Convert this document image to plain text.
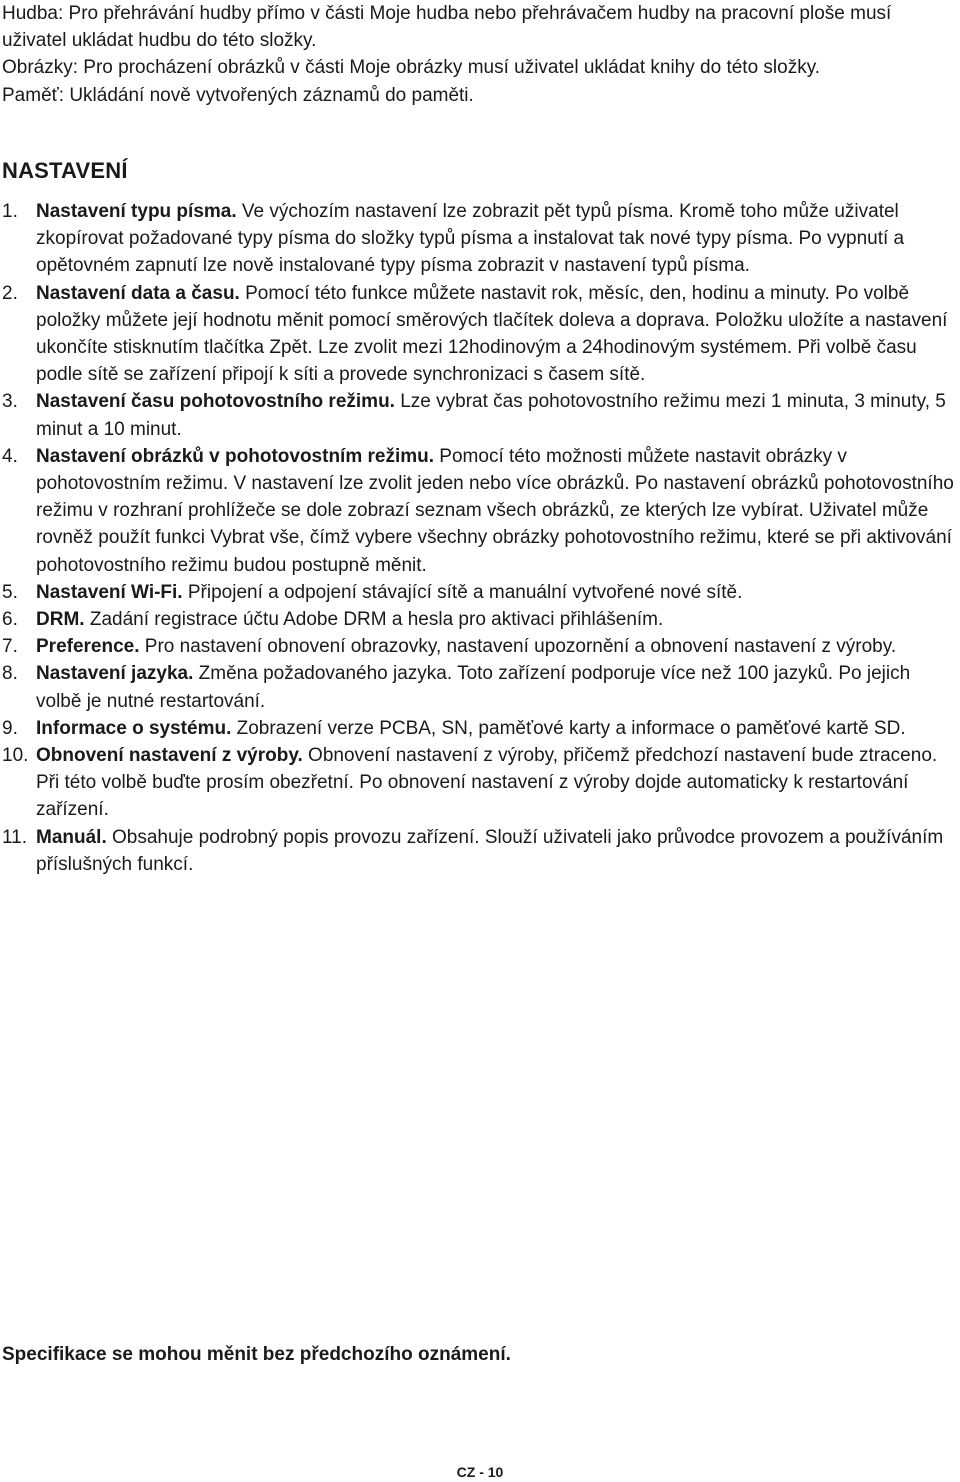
Hudba: Pro přehrávání hudby přímo v části Moje hudba nebo přehrávačem hudby na pracovní ploše musí uživatel ukládat hudbu do této složky.

Obrázky: Pro procházení obrázků v části Moje obrázky musí uživatel ukládat knihy do této složky.

Paměť: Ukládání nově vytvořených záznamů do paměti.

NASTAVENÍ
1. Nastavení typu písma. Ve výchozím nastavení lze zobrazit pět typů písma. Kromě toho může uživatel zkopírovat požadované typy písma do složky typů písma a instalovat tak nové typy písma. Po vypnutí a opětovném zapnutí lze nově instalované typy písma zobrazit v nastavení typů písma.
2. Nastavení data a času. Pomocí této funkce můžete nastavit rok, měsíc, den, hodinu a minuty. Po volbě položky můžete její hodnotu měnit pomocí směrových tlačítek doleva a doprava. Položku uložíte a nastavení ukončíte stisknutím tlačítka Zpět. Lze zvolit mezi 12hodinovým a 24hodinovým systémem. Při volbě času podle sítě se zařízení připojí k síti a provede synchronizaci s časem sítě.
3. Nastavení času pohotovostního režimu. Lze vybrat čas pohotovostního režimu mezi 1 minuta, 3 minuty, 5 minut a 10 minut.
4. Nastavení obrázků v pohotovostním režimu. Pomocí této možnosti můžete nastavit obrázky v pohotovostním režimu. V nastavení lze zvolit jeden nebo více obrázků. Po nastavení obrázků pohotovostního režimu v rozhraní prohlížeče se dole zobrazí seznam všech obrázků, ze kterých lze vybírat. Uživatel může rovněž použít funkci Vybrat vše, čímž vybere všechny obrázky pohotovostního režimu, které se při aktivování pohotovostního režimu budou postupně měnit.
5. Nastavení Wi-Fi. Připojení a odpojení stávající sítě a manuální vytvořené nové sítě.
6. DRM. Zadání registrace účtu Adobe DRM a hesla pro aktivaci přihlášením.
7. Preference. Pro nastavení obnovení obrazovky, nastavení upozornění a obnovení nastavení z výroby.
8. Nastavení jazyka. Změna požadovaného jazyka. Toto zařízení podporuje více než 100 jazyků. Po jejich volbě je nutné restartování.
9. Informace o systému. Zobrazení verze PCBA, SN, paměťové karty a informace o paměťové kartě SD.
10. Obnovení nastavení z výroby. Obnovení nastavení z výroby, přičemž předchozí nastavení bude ztraceno. Při této volbě buďte prosím obezřetní. Po obnovení nastavení z výroby dojde automaticky k restartování zařízení.
11. Manuál. Obsahuje podrobný popis provozu zařízení. Slouží uživateli jako průvodce provozem a používáním příslušných funkcí.
Specifikace se mohou měnit bez předchozího oznámení.
CZ - 10
